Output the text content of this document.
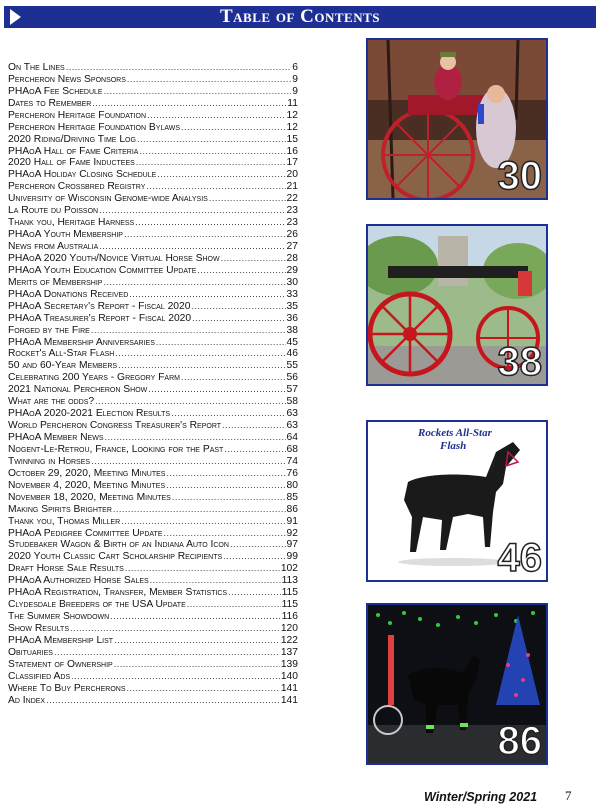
Table of Contents
On The Lines .....	6
Percheron News Sponsors .....	9
PHAoA Fee Schedule .....	9
Dates to Remember .....	11
Percheron Heritage Foundation .....	12
Percheron Heritage Foundation Bylaws .....	12
2020 Riding/Driving Time Log .....	15
PHAoA Hall of Fame Criteria .....	16
2020 Hall of Fame Inductees .....	17
PHAoA Holiday Closing Schedule .....	20
Percheron Crossbred Registry .....	21
University of Wisconsin Genome-wide Analysis .....	22
La Route du Poisson .....	23
Thank you, Heritage Harness .....	23
PHAoA Youth Membership .....	26
News from Australia .....	27
PHAoA 2020 Youth/Novice Virtual Horse Show .....	28
PHAoA Youth Education Committee Update .....	29
Merits of Membership .....	30
PHAoA Donations Received .....	33
PHAoA Secretary's Report - Fiscal 2020 .....	35
PHAoA Treasurer's Report - Fiscal 2020 .....	36
Forged by the Fire .....	38
PHAoA Membership Anniversaries .....	45
Rocket's All-Star Flash .....	46
50 and 60-Year Members .....	55
Celebrating 200 Years - Gregory Farm .....	56
2021 National Percheron Show .....	57
What are the odds? .....	58
PHAoA 2020-2021 Election Results .....	63
World Percheron Congress Treasurer's Report .....	63
PHAoA Member News .....	64
Nogent-Le-Retrou, France, Looking for the Past .....	68
Twinning in Horses .....	74
October 29, 2020, Meeting Minutes .....	76
November 4, 2020, Meeting Minutes .....	80
November 18, 2020, Meeting Minutes .....	85
Making Spirits Brighter .....	86
Thank you, Thomas Miller .....	91
PHAoA Pedigree Committee Update .....	92
Studebaker Wagon & Birth of an Indiana Auto Icon .....	97
2020 Youth Classic Cart Scholarship Recipients .....	99
Draft Horse Sale Results .....	102
PHAoA Authorized Horse Sales .....	113
PHAoA Registration, Transfer, Member Statistics .....	115
Clydesdale Breeders of the USA Update .....	115
The Summer Showdown .....	116
Show Results .....	120
PHAoA Membership List .....	122
Obituaries .....	137
Statement of Ownership .....	139
Classified Ads .....	140
Where To Buy Percherons .....	141
Ad Index .....	141
30
38
Rockets All-Star
Flash
46
86
Winter/Spring 2021 7
